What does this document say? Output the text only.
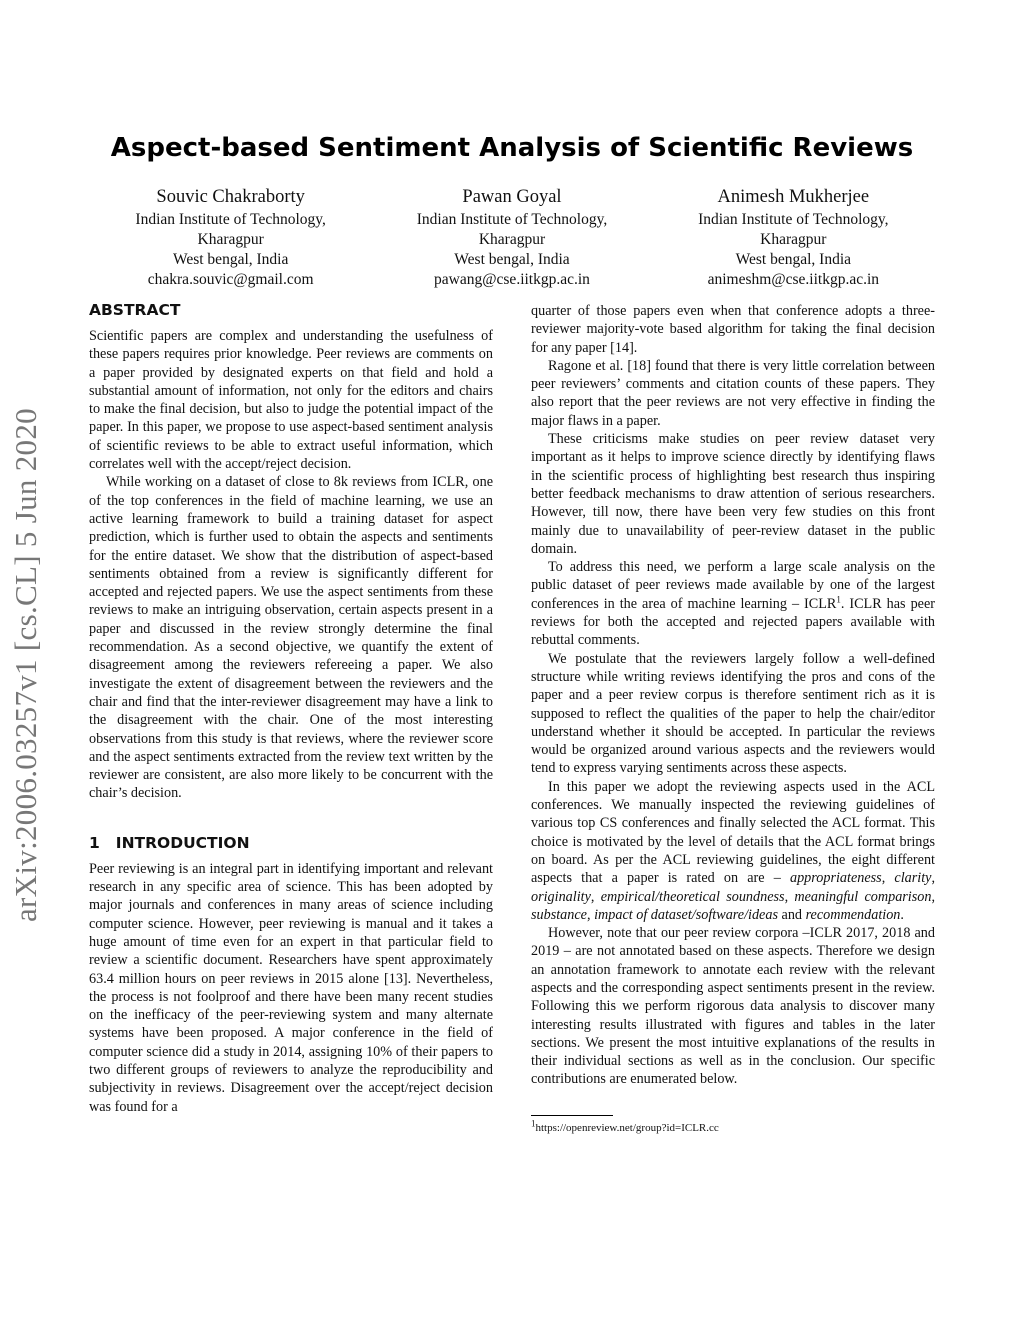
arXiv:2006.03257v1 [cs.CL] 5 Jun 2020
Aspect-based Sentiment Analysis of Scientific Reviews
Souvic Chakraborty
Indian Institute of Technology,
Kharagpur
West bengal, India
chakra.souvic@gmail.com
Pawan Goyal
Indian Institute of Technology,
Kharagpur
West bengal, India
pawang@cse.iitkgp.ac.in
Animesh Mukherjee
Indian Institute of Technology,
Kharagpur
West bengal, India
animeshm@cse.iitkgp.ac.in
ABSTRACT

Scientific papers are complex and understanding the usefulness of these papers requires prior knowledge. Peer reviews are comments on a paper provided by designated experts on that field and hold a substantial amount of information, not only for the editors and chairs to make the final decision, but also to judge the potential impact of the paper. In this paper, we propose to use aspect-based sentiment analysis of scientific reviews to be able to extract useful information, which correlates well with the accept/reject decision.

While working on a dataset of close to 8k reviews from ICLR, one of the top conferences in the field of machine learning, we use an active learning framework to build a training dataset for aspect prediction, which is further used to obtain the aspects and sentiments for the entire dataset. We show that the distribution of aspect-based sentiments obtained from a review is significantly different for accepted and rejected papers. We use the aspect sentiments from these reviews to make an intriguing observation, certain aspects present in a paper and discussed in the review strongly determine the final recommendation. As a second objective, we quantify the extent of disagreement among the reviewers refereeing a paper. We also investigate the extent of disagreement between the reviewers and the chair and find that the inter-reviewer disagreement may have a link to the disagreement with the chair. One of the most interesting observations from this study is that reviews, where the reviewer score and the aspect sentiments extracted from the review text written by the reviewer are consistent, are also more likely to be concurrent with the chair’s decision.

1 INTRODUCTION

Peer reviewing is an integral part in identifying important and relevant research in any specific area of science. This has been adopted by major journals and conferences in many areas of science including computer science. However, peer reviewing is manual and it takes a huge amount of time even for an expert in that particular field to review a scientific document. Researchers have spent approximately 63.4 million hours on peer reviews in 2015 alone [13]. Nevertheless, the process is not foolproof and there have been many recent studies on the inefficacy of the peer-reviewing system and many alternate systems have been proposed. A major conference in the field of computer science did a study in 2014, assigning 10% of their papers to two different groups of reviewers to analyze the reproducibility and subjectivity in reviews. Disagreement over the accept/reject decision was found for a

quarter of those papers even when that conference adopts a three-reviewer majority-vote based algorithm for taking the final decision for any paper [14].

Ragone et al. [18] found that there is very little correlation between peer reviewers’ comments and citation counts of these papers. They also report that the peer reviews are not very effective in finding the major flaws in a paper.

These criticisms make studies on peer review dataset very important as it helps to improve science directly by identifying flaws in the scientific process of highlighting best research thus inspiring better feedback mechanisms to draw attention of serious researchers. However, till now, there have been very few studies on this front mainly due to unavailability of peer-review dataset in the public domain.

To address this need, we perform a large scale analysis on the public dataset of peer reviews made available by one of the largest conferences in the area of machine learning – ICLR$^1$. ICLR has peer reviews for both the accepted and rejected papers available with rebuttal comments.

We postulate that the reviewers largely follow a well-defined structure while writing reviews identifying the pros and cons of the paper and a peer review corpus is therefore sentiment rich as it is supposed to reflect the qualities of the paper to help the chair/editor understand whether it should be accepted. In particular the reviews would be organized around various aspects and the reviewers would tend to express varying sentiments across these aspects.

In this paper we adopt the reviewing aspects used in the ACL conferences. We manually inspected the reviewing guidelines of various top CS conferences and finally selected the ACL format. This choice is motivated by the level of details that the ACL format brings on board. As per the ACL reviewing guidelines, the eight different aspects that a paper is rated on are – appropriateness, clarity, originality, empirical/theoretical soundness, meaningful comparison, substance, impact of dataset/software/ideas and recommendation.

However, note that our peer review corpora –ICLR 2017, 2018 and 2019 – are not annotated based on these aspects. Therefore we design an annotation framework to annotate each review with the relevant aspects and the corresponding aspect sentiments present in the review. Following this we perform rigorous data analysis to discover many interesting results illustrated with figures and tables in the later sections. We present the most intuitive explanations of the results in their individual sections as well as in the conclusion. Our specific contributions are enumerated below.

$^1$https://openreview.net/group?id=ICLR.cc
